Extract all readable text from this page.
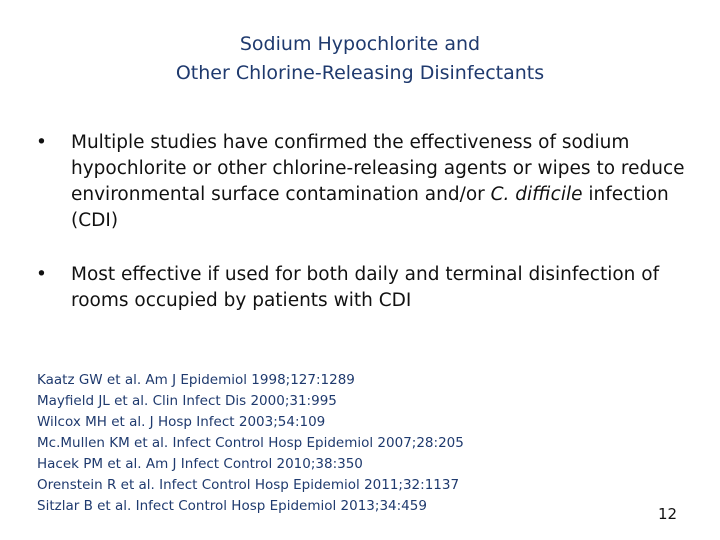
Sodium Hypochlorite and
Other Chlorine-Releasing Disinfectants
•	Multiple studies have confirmed the effectiveness of sodium hypochlorite or other chlorine-releasing agents or wipes to reduce environmental surface contamination and/or C. difficile infection (CDI)
•	Most effective if used for both daily and terminal disinfection of rooms occupied by patients with CDI
Kaatz GW et al. Am J Epidemiol 1998;127:1289
Mayfield JL et al. Clin Infect Dis 2000;31:995
Wilcox MH et al. J Hosp Infect 2003;54:109
Mc.Mullen KM et al. Infect Control Hosp Epidemiol 2007;28:205
Hacek PM et al. Am J Infect Control 2010;38:350
Orenstein R et al. Infect Control Hosp Epidemiol 2011;32:1137
Sitzlar B et al. Infect Control Hosp Epidemiol 2013;34:459	12
